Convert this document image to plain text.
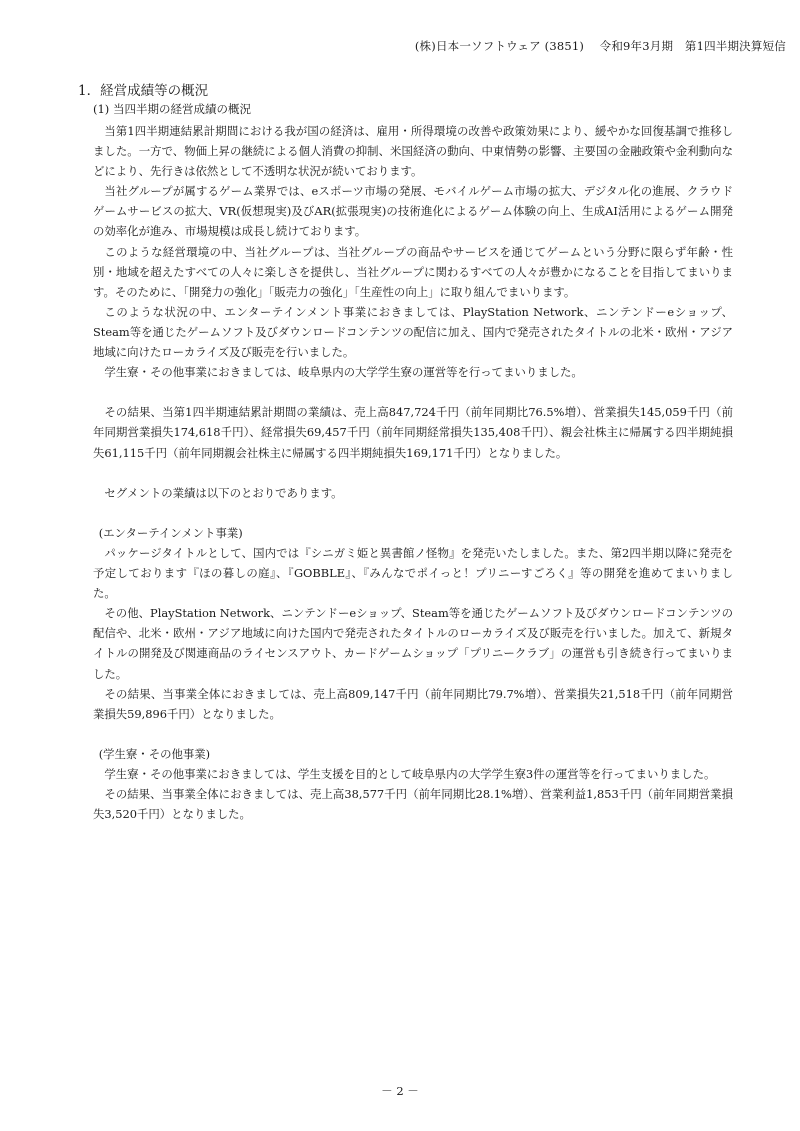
(株)日本一ソフトウェア (3851)　 令和9年3月期　第1四半期決算短信
1．経営成績等の概況
(1) 当四半期の経営成績の概況

当第1四半期連結累計期間における我が国の経済は、雇用・所得環境の改善や政策効果により、緩やかな回復基調で推移しました。一方で、物価上昇の継続による個人消費の抑制、米国経済の動向、中東情勢の影響、主要国の金融政策や金利動向などにより、先行きは依然として不透明な状況が続いております。

当社グループが属するゲーム業界では、eスポーツ市場の発展、モバイルゲーム市場の拡大、デジタル化の進展、クラウドゲームサービスの拡大、VR(仮想現実)及びAR(拡張現実)の技術進化によるゲーム体験の向上、生成AI活用によるゲーム開発の効率化が進み、市場規模は成長し続けております。

このような経営環境の中、当社グループは、当社グループの商品やサービスを通じてゲームという分野に限らず年齢・性別・地域を超えたすべての人々に楽しさを提供し、当社グループに関わるすべての人々が豊かになることを目指してまいります。そのために、「開発力の強化」「販売力の強化」「生産性の向上」に取り組んでまいります。

このような状況の中、エンターテインメント事業におきましては、PlayStation Network、ニンテンドーeショップ、Steam等を通じたゲームソフト及びダウンロードコンテンツの配信に加え、国内で発売されたタイトルの北米・欧州・アジア地域に向けたローカライズ及び販売を行いました。

学生寮・その他事業におきましては、岐阜県内の大学学生寮の運営等を行ってまいりました。

その結果、当第1四半期連結累計期間の業績は、売上高847,724千円（前年同期比76.5%増）、営業損失145,059千円（前年同期営業損失174,618千円）、経常損失69,457千円（前年同期経常損失135,408千円）、親会社株主に帰属する四半期純損失61,115千円（前年同期親会社株主に帰属する四半期純損失169,171千円）となりました。

セグメントの業績は以下のとおりであります。

(エンターテインメント事業)

パッケージタイトルとして、国内では『シニガミ姫と異書館ノ怪物』を発売いたしました。また、第2四半期以降に発売を予定しております『ほの暮しの庭』、『GOBBLE』、『みんなでポイっと！プリニーすごろく』等の開発を進めてまいりました。

その他、PlayStation Network、ニンテンドーeショップ、Steam等を通じたゲームソフト及びダウンロードコンテンツの配信や、北米・欧州・アジア地域に向けた国内で発売されたタイトルのローカライズ及び販売を行いました。加えて、新規タイトルの開発及び関連商品のライセンスアウト、カードゲームショップ「プリニークラブ」の運営も引き続き行ってまいりました。

その結果、当事業全体におきましては、売上高809,147千円（前年同期比79.7%増）、営業損失21,518千円（前年同期営業損失59,896千円）となりました。

(学生寮・その他事業)

学生寮・その他事業におきましては、学生支援を目的として岐阜県内の大学学生寮3件の運営等を行ってまいりました。

その結果、当事業全体におきましては、売上高38,577千円（前年同期比28.1%増）、営業利益1,853千円（前年同期営業損失3,520千円）となりました。

－ 2 －
